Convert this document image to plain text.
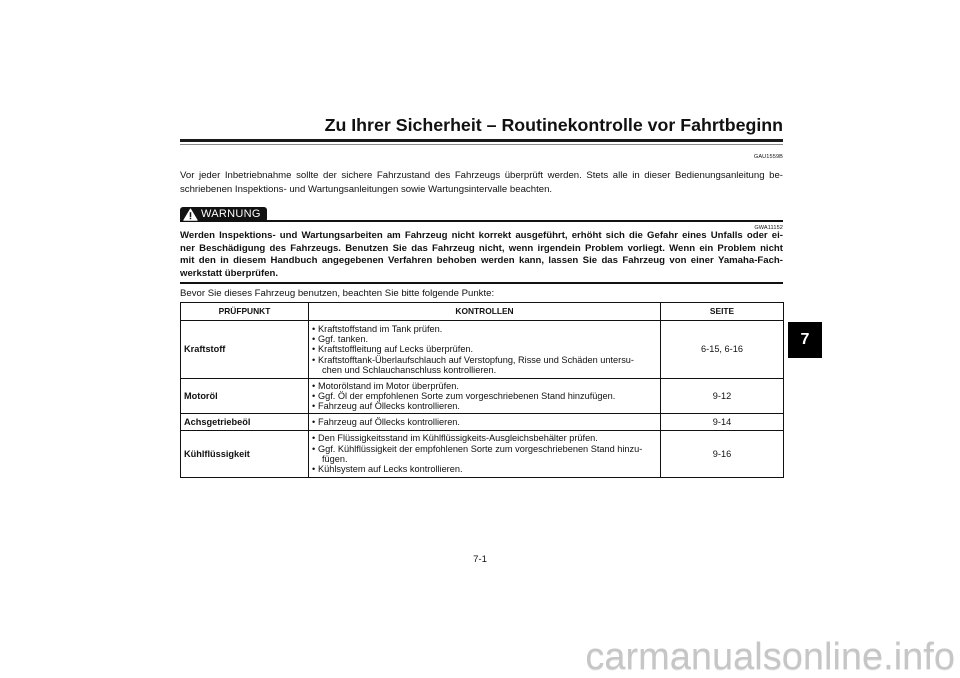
Zu Ihrer Sicherheit – Routinekontrolle vor Fahrtbeginn
GAU1559B
Vor jeder Inbetriebnahme sollte der sichere Fahrzustand des Fahrzeugs überprüft werden. Stets alle in dieser Bedienungsanleitung be-
schriebenen Inspektions- und Wartungsanleitungen sowie Wartungsintervalle beachten.
WARNUNG
GWA11152
Werden Inspektions- und Wartungsarbeiten am Fahrzeug nicht korrekt ausgeführt, erhöht sich die Gefahr eines Unfalls oder ei-
ner Beschädigung des Fahrzeugs. Benutzen Sie das Fahrzeug nicht, wenn irgendein Problem vorliegt. Wenn ein Problem nicht
mit den in diesem Handbuch angegebenen Verfahren behoben werden kann, lassen Sie das Fahrzeug von einer Yamaha-Fach-
werkstatt überprüfen.
Bevor Sie dieses Fahrzeug benutzen, beachten Sie bitte folgende Punkte:
PRÜFPUNKT	KONTROLLEN	SEITE

Kraftstoff	• Kraftstoffstand im Tank prüfen.
• Ggf. tanken.
• Kraftstoffleitung auf Lecks überprüfen.
• Kraftstofftank-Überlaufschlauch auf Verstopfung, Risse und Schäden untersu-
chen und Schlauchanschluss kontrollieren.	6-15, 6-16

Motoröl	• Motorölstand im Motor überprüfen.
• Ggf. Öl der empfohlenen Sorte zum vorgeschriebenen Stand hinzufügen.
• Fahrzeug auf Öllecks kontrollieren.	9-12

Achsgetriebeöl	• Fahrzeug auf Öllecks kontrollieren.	9-14

Kühlflüssigkeit	• Den Flüssigkeitsstand im Kühlflüssigkeits-Ausgleichsbehälter prüfen.
• Ggf. Kühlflüssigkeit der empfohlenen Sorte zum vorgeschriebenen Stand hinzu-
fügen.
• Kühlsystem auf Lecks kontrollieren.	9-16
7-1
7
carmanualsonline.info
